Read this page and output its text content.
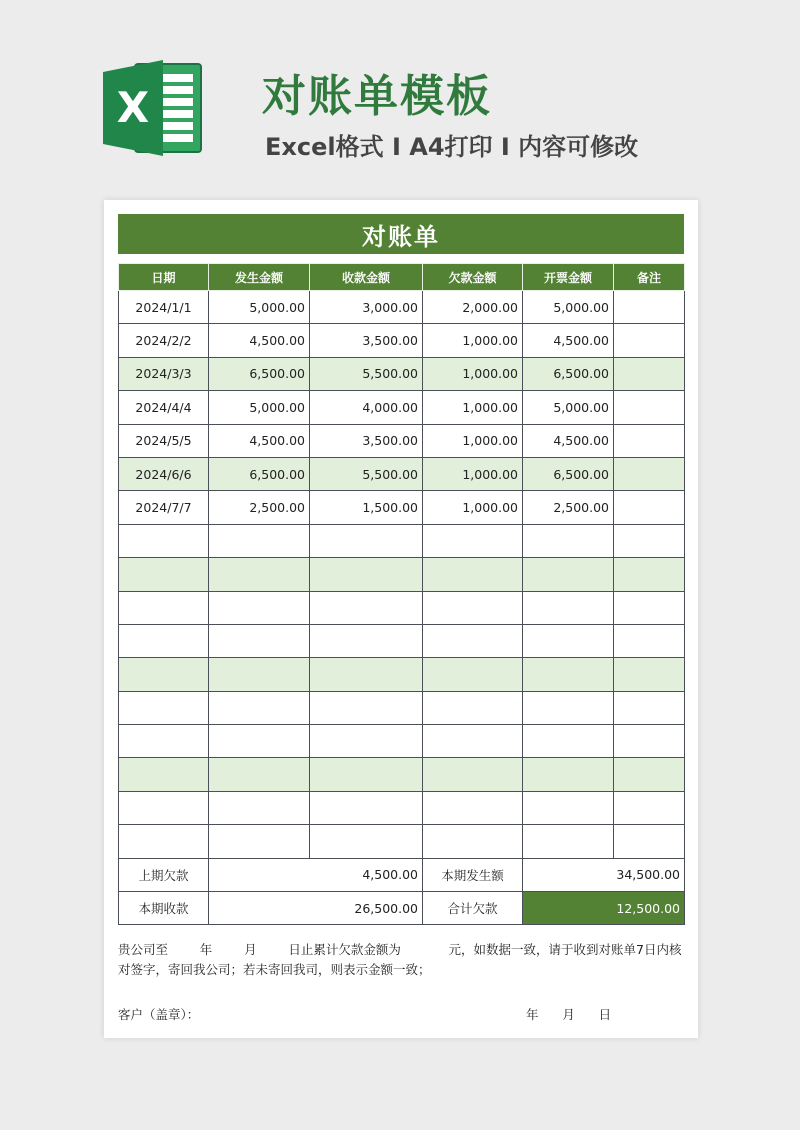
X	对账单模板
Excel格式 I A4打印 I 内容可修改
对账单
日期	发生金额	收款金额	欠款金额	开票金额	备注
2024/1/1	5,000.00	3,000.00	2,000.00	5,000.00	
2024/2/2	4,500.00	3,500.00	1,000.00	4,500.00	
2024/3/3	6,500.00	5,500.00	1,000.00	6,500.00	
2024/4/4	5,000.00	4,000.00	1,000.00	5,000.00	
2024/5/5	4,500.00	3,500.00	1,000.00	4,500.00	
2024/6/6	6,500.00	5,500.00	1,000.00	6,500.00	
2024/7/7	2,500.00	1,500.00	1,000.00	2,500.00	

上期欠款	4,500.00		本期发生额	34,500.00	
本期收款	26,500.00		合计欠款	12,500.00	

贵公司至        年        月        日止累计欠款金额为            元，如数据一致，请于收到对账单7日内核

对签字，寄回我公司；若未寄回我司，则表示金额一致；

客户（盖章）：	年      月      日
